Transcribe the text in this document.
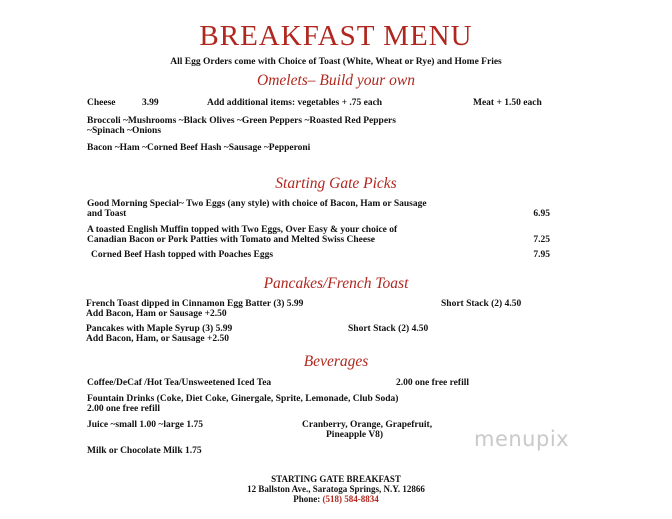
BREAKFAST MENU
All Egg Orders come with Choice of Toast (White, Wheat or Rye) and Home Fries
Omelets– Build your own
Cheese	3.99	Add additional items: vegetables + .75 each	Meat + 1.50 each
Broccoli ~Mushrooms ~Black Olives ~Green Peppers ~Roasted Red Peppers
~Spinach ~Onions
Bacon ~Ham ~Corned Beef Hash ~Sausage ~Pepperoni
Starting Gate Picks
Good Morning Special~ Two Eggs (any style) with choice of Bacon, Ham or Sausage
and Toast	6.95
A toasted English Muffin topped with Two Eggs, Over Easy & your choice of
Canadian Bacon or Pork Patties with Tomato and Melted Swiss Cheese	7.25
Corned Beef Hash topped with Poaches Eggs	7.95
Pancakes/French Toast
French Toast dipped in Cinnamon Egg Batter (3) 5.99	Short Stack (2) 4.50
Add Bacon, Ham or Sausage +2.50
Pancakes with Maple Syrup (3) 5.99	Short Stack (2) 4.50
Add Bacon, Ham, or Sausage +2.50
Beverages
Coffee/DeCaf /Hot Tea/Unsweetened Iced Tea	2.00 one free refill
Fountain Drinks (Coke, Diet Coke, Ginergale, Sprite, Lemonade, Club Soda)
2.00 one free refill
Juice ~small 1.00 ~large 1.75	Cranberry, Orange, Grapefruit,
Pineapple V8)
Milk or Chocolate Milk 1.75	menupix
STARTING GATE BREAKFAST
12 Ballston Ave., Saratoga Springs, N.Y. 12866
Phone: (518) 584-8834
